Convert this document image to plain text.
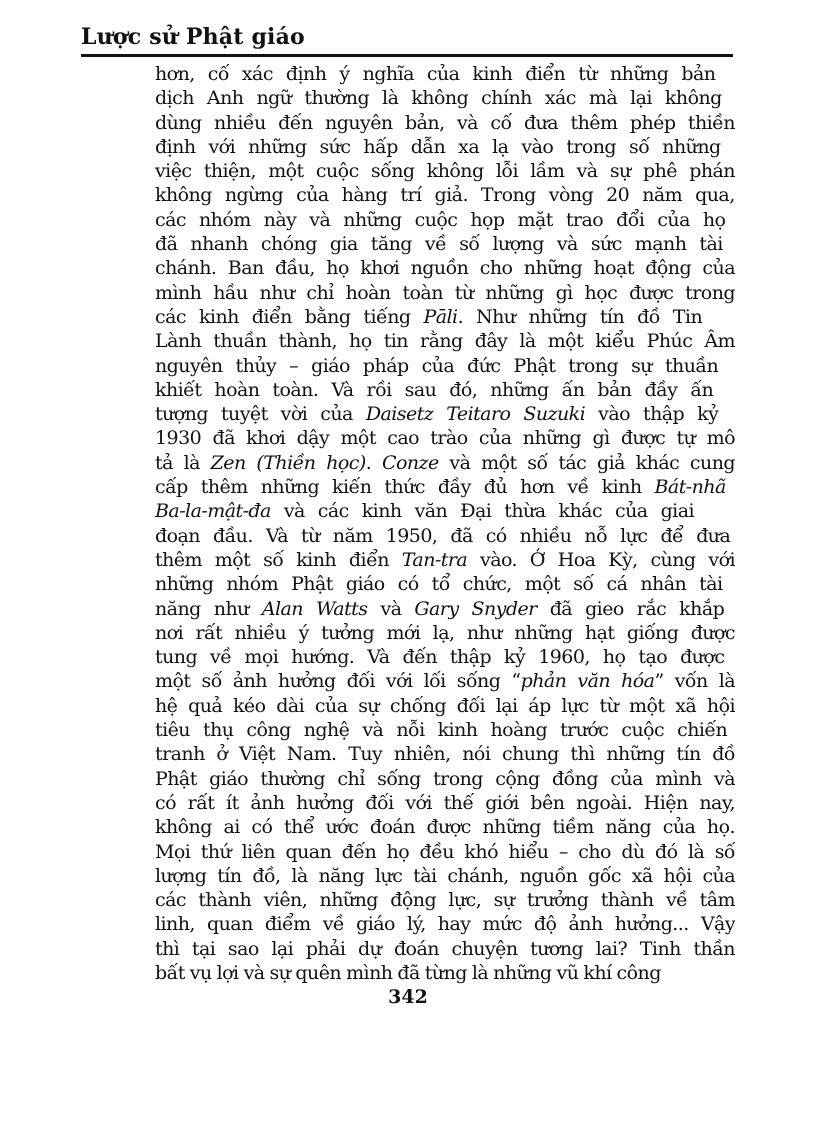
Lược sử Phật giáo
hơn, cố xác định ý nghĩa của kinh điển từ những bản
dịch Anh ngữ thường là không chính xác mà lại không
dùng nhiều đến nguyên bản, và cố đưa thêm phép thiền
định với những sức hấp dẫn xa lạ vào trong số những
việc thiện, một cuộc sống không lỗi lầm và sự phê phán
không ngừng của hàng trí giả. Trong vòng 20 năm qua,
các nhóm này và những cuộc họp mặt trao đổi của họ
đã nhanh chóng gia tăng về số lượng và sức mạnh tài
chánh. Ban đầu, họ khơi nguồn cho những hoạt động của
mình hầu như chỉ hoàn toàn từ những gì học được trong
các kinh điển bằng tiếng Pāli. Như những tín đồ Tin
Lành thuần thành, họ tin rằng đây là một kiểu Phúc Âm
nguyên thủy – giáo pháp của đức Phật trong sự thuần
khiết hoàn toàn. Và rồi sau đó, những ấn bản đầy ấn
tượng tuyệt vời của Daisetz Teitaro Suzuki vào thập kỷ
1930 đã khơi dậy một cao trào của những gì được tự mô
tả là Zen (Thiền học). Conze và một số tác giả khác cung
cấp thêm những kiến thức đầy đủ hơn về kinh Bát-nhã
Ba-la-mật-đa và các kinh văn Đại thừa khác của giai
đoạn đầu. Và từ năm 1950, đã có nhiều nỗ lực để đưa
thêm một số kinh điển Tan-tra vào. Ở Hoa Kỳ, cùng với
những nhóm Phật giáo có tổ chức, một số cá nhân tài
năng như Alan Watts và Gary Snyder đã gieo rắc khắp
nơi rất nhiều ý tưởng mới lạ, như những hạt giống được
tung về mọi hướng. Và đến thập kỷ 1960, họ tạo được
một số ảnh hưởng đối với lối sống “phản văn hóa” vốn là
hệ quả kéo dài của sự chống đối lại áp lực từ một xã hội
tiêu thụ công nghệ và nỗi kinh hoàng trước cuộc chiến
tranh ở Việt Nam. Tuy nhiên, nói chung thì những tín đồ
Phật giáo thường chỉ sống trong cộng đồng của mình và
có rất ít ảnh hưởng đối với thế giới bên ngoài. Hiện nay,
không ai có thể ước đoán được những tiềm năng của họ.
Mọi thứ liên quan đến họ đều khó hiểu – cho dù đó là số
lượng tín đồ, là năng lực tài chánh, nguồn gốc xã hội của
các thành viên, những động lực, sự trưởng thành về tâm
linh, quan điểm về giáo lý, hay mức độ ảnh hưởng... Vậy
thì tại sao lại phải dự đoán chuyện tương lai? Tinh thần
bất vụ lợi và sự quên mình đã từng là những vũ khí công
342
